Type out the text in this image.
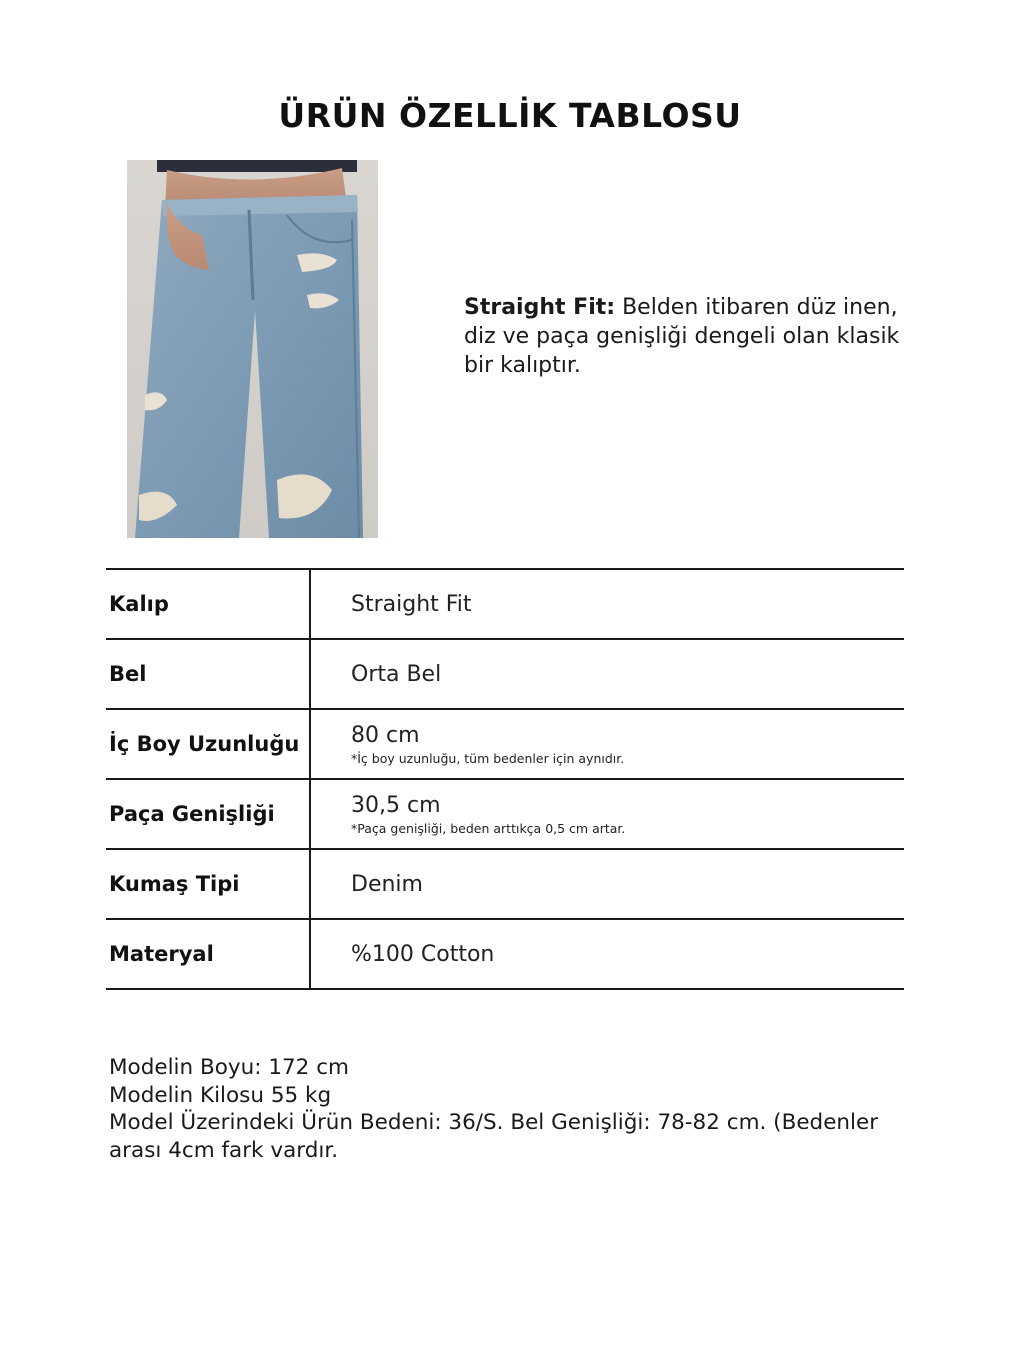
ÜRÜN ÖZELLİK TABLOSU
Straight Fit: Belden itibaren düz inen, diz ve paça genişliği dengeli olan klasik bir kalıptır.
Kalıp	Straight Fit
Bel	Orta Bel
İç Boy Uzunluğu	80 cm
*İç boy uzunluğu, tüm bedenler için aynıdır.

Paça Genişliği	30,5 cm
*Paça genişliği, beden arttıkça 0,5 cm artar.

Kumaş Tipi	Denim
Materyal	%100 Cotton
Modelin Boyu: 172 cm
Modelin Kilosu 55 kg
Model Üzerindeki Ürün Bedeni: 36/S. Bel Genişliği: 78-82 cm. (Bedenler arası 4cm fark vardır.
